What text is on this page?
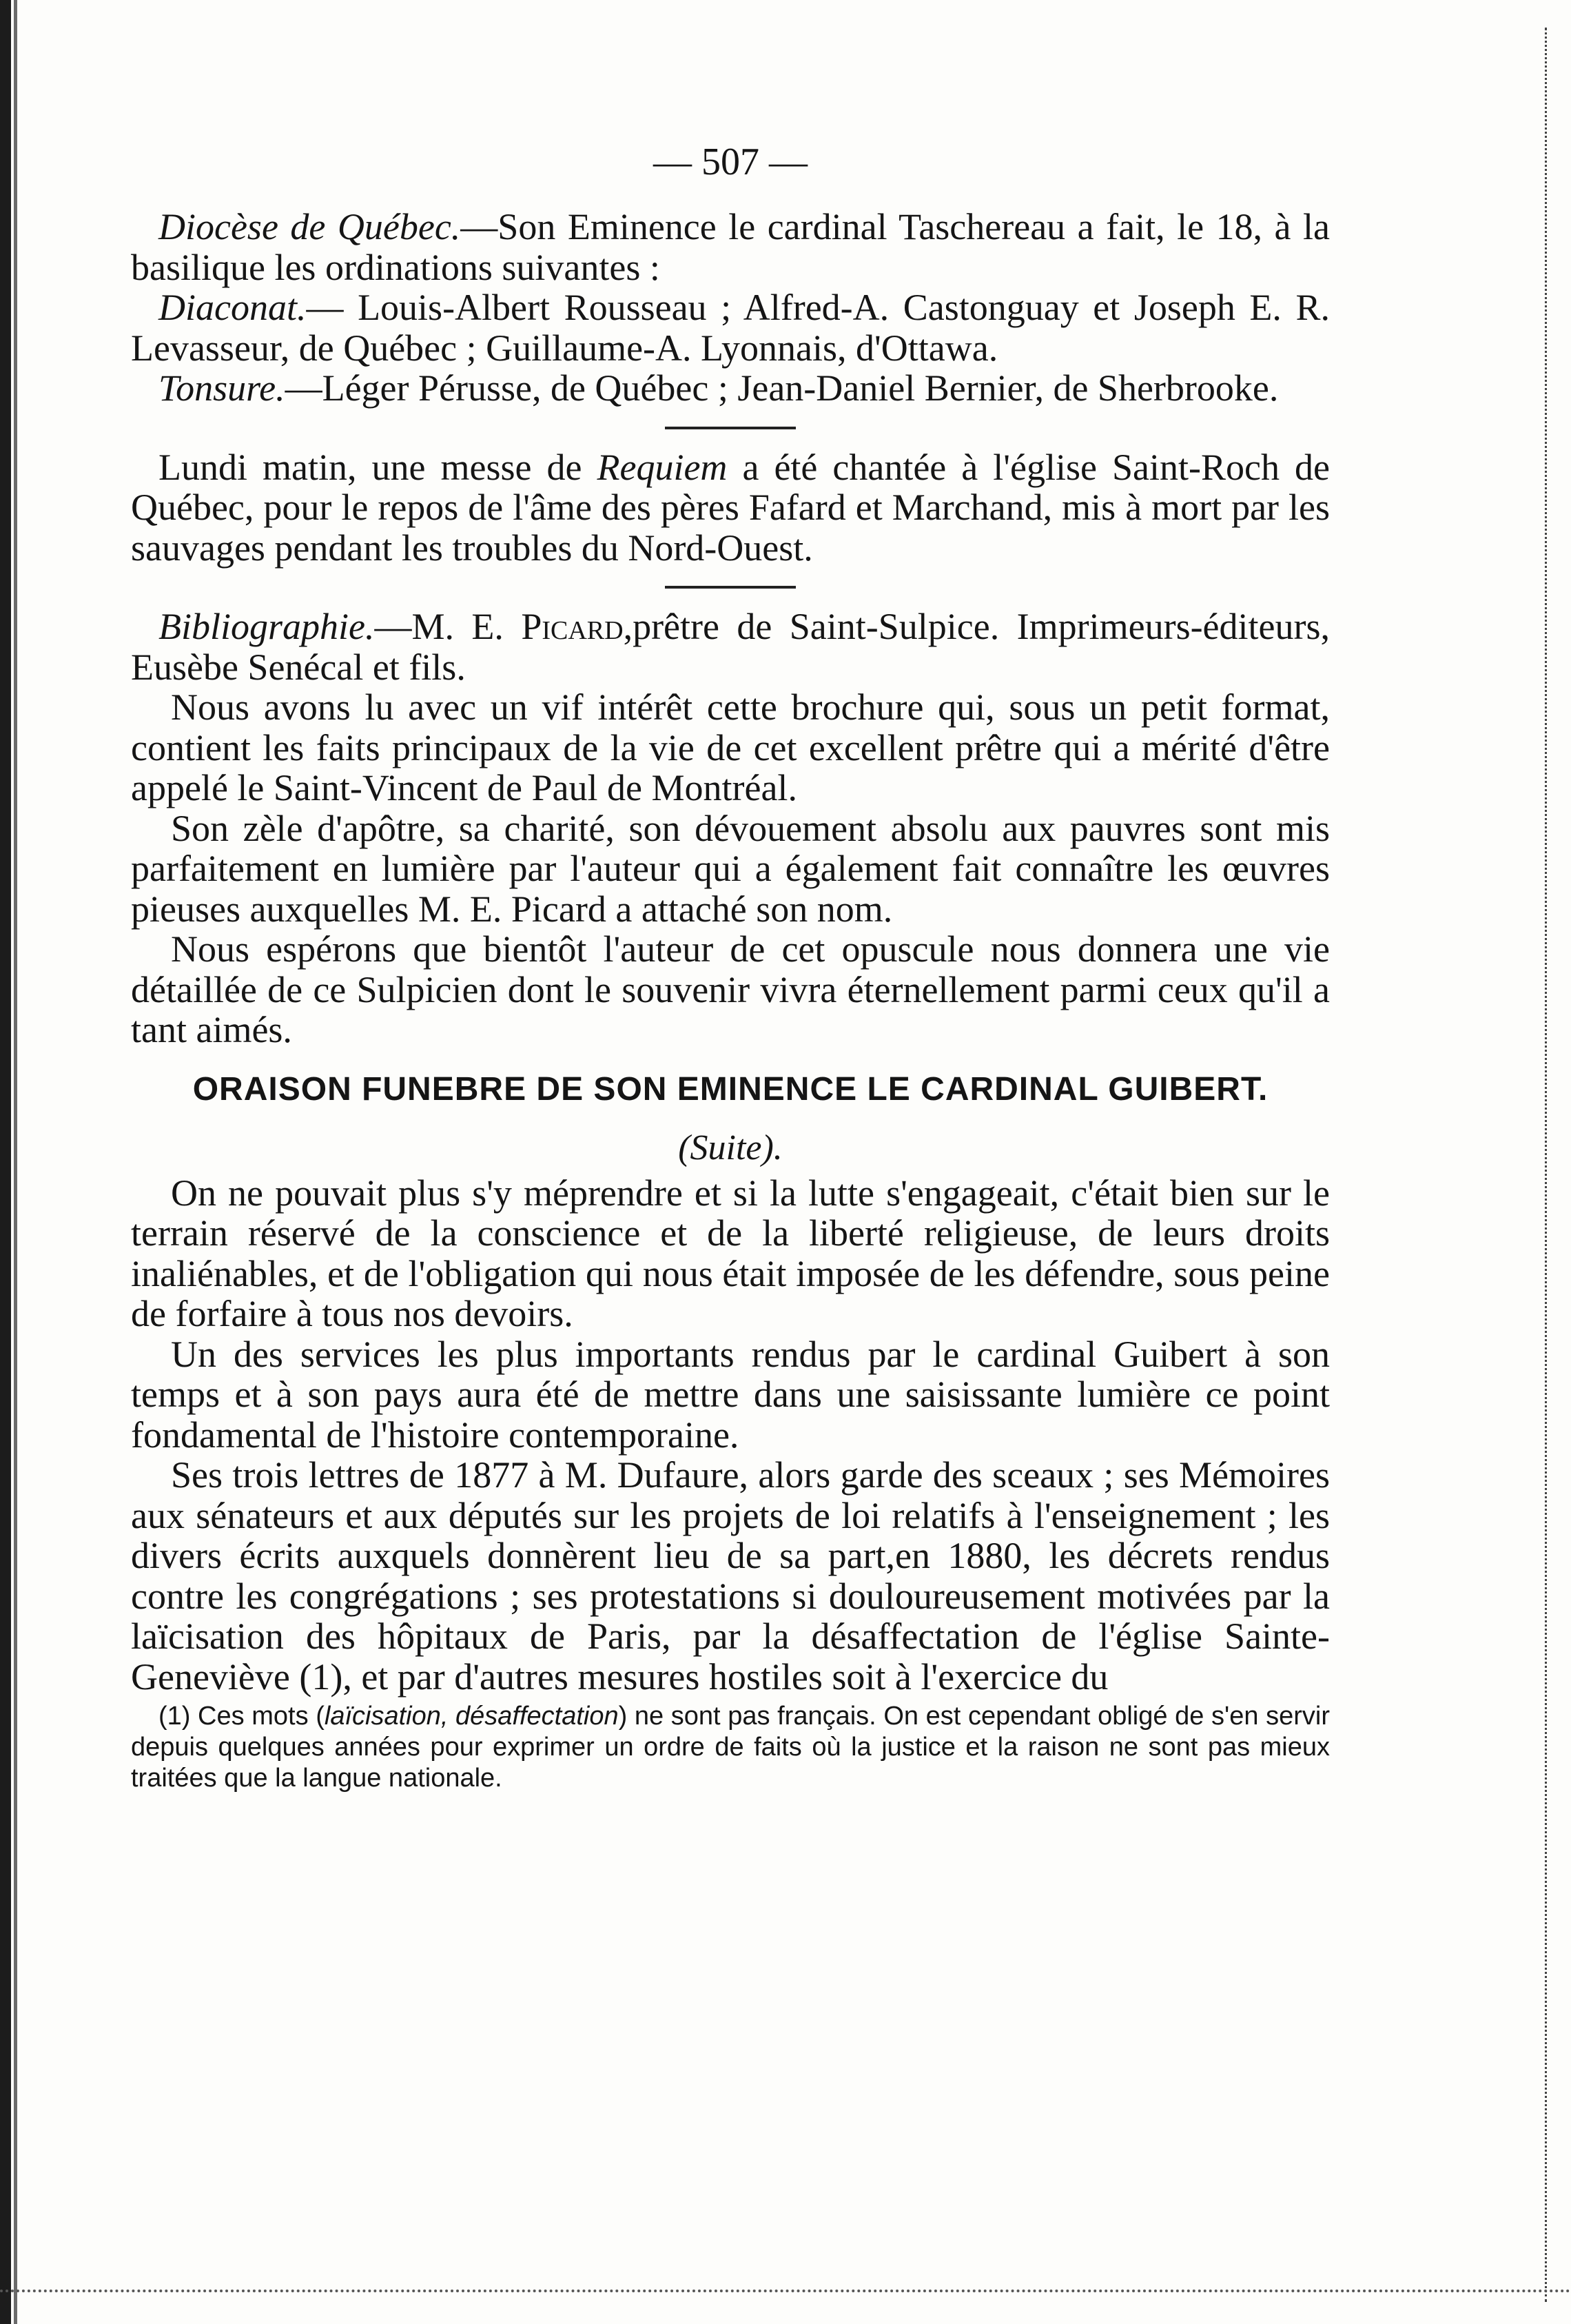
— 507 —

Diocèse de Québec.—Son Eminence le cardinal Taschereau a fait, le 18, à la basilique les ordinations suivantes :

Diaconat.— Louis-Albert Rousseau ; Alfred-A. Castonguay et Joseph E. R. Levasseur, de Québec ; Guillaume-A. Lyonnais, d'Ottawa.

Tonsure.—Léger Pérusse, de Québec ; Jean-Daniel Bernier, de Sherbrooke.

Lundi matin, une messe de Requiem a été chantée à l'église Saint-Roch de Québec, pour le repos de l'âme des pères Fafard et Marchand, mis à mort par les sauvages pendant les troubles du Nord-Ouest.

Bibliographie.—M. E. Picard,prêtre de Saint-Sulpice. Imprimeurs-éditeurs, Eusèbe Senécal et fils.

Nous avons lu avec un vif intérêt cette brochure qui, sous un petit format, contient les faits principaux de la vie de cet excellent prêtre qui a mérité d'être appelé le Saint-Vincent de Paul de Montréal.

Son zèle d'apôtre, sa charité, son dévouement absolu aux pauvres sont mis parfaitement en lumière par l'auteur qui a également fait connaître les œuvres pieuses auxquelles M. E. Picard a attaché son nom.

Nous espérons que bientôt l'auteur de cet opuscule nous donnera une vie détaillée de ce Sulpicien dont le souvenir vivra éternellement parmi ceux qu'il a tant aimés.

ORAISON FUNEBRE DE SON EMINENCE LE CARDINAL GUIBERT.
(Suite).

On ne pouvait plus s'y méprendre et si la lutte s'engageait, c'était bien sur le terrain réservé de la conscience et de la liberté religieuse, de leurs droits inaliénables, et de l'obligation qui nous était imposée de les défendre, sous peine de forfaire à tous nos devoirs.

Un des services les plus importants rendus par le cardinal Guibert à son temps et à son pays aura été de mettre dans une saisissante lumière ce point fondamental de l'histoire contemporaine.

Ses trois lettres de 1877 à M. Dufaure, alors garde des sceaux ; ses Mémoires aux sénateurs et aux députés sur les projets de loi relatifs à l'enseignement ; les divers écrits auxquels donnèrent lieu de sa part,en 1880, les décrets rendus contre les congrégations ; ses protestations si douloureusement motivées par la laïcisation des hôpitaux de Paris, par la désaffectation de l'église Sainte-Geneviève (1), et par d'autres mesures hostiles soit à l'exercice du

(1) Ces mots (laïcisation, désaffectation) ne sont pas français. On est cependant obligé de s'en servir depuis quelques années pour exprimer un ordre de faits où la justice et la raison ne sont pas mieux traitées que la langue nationale.
